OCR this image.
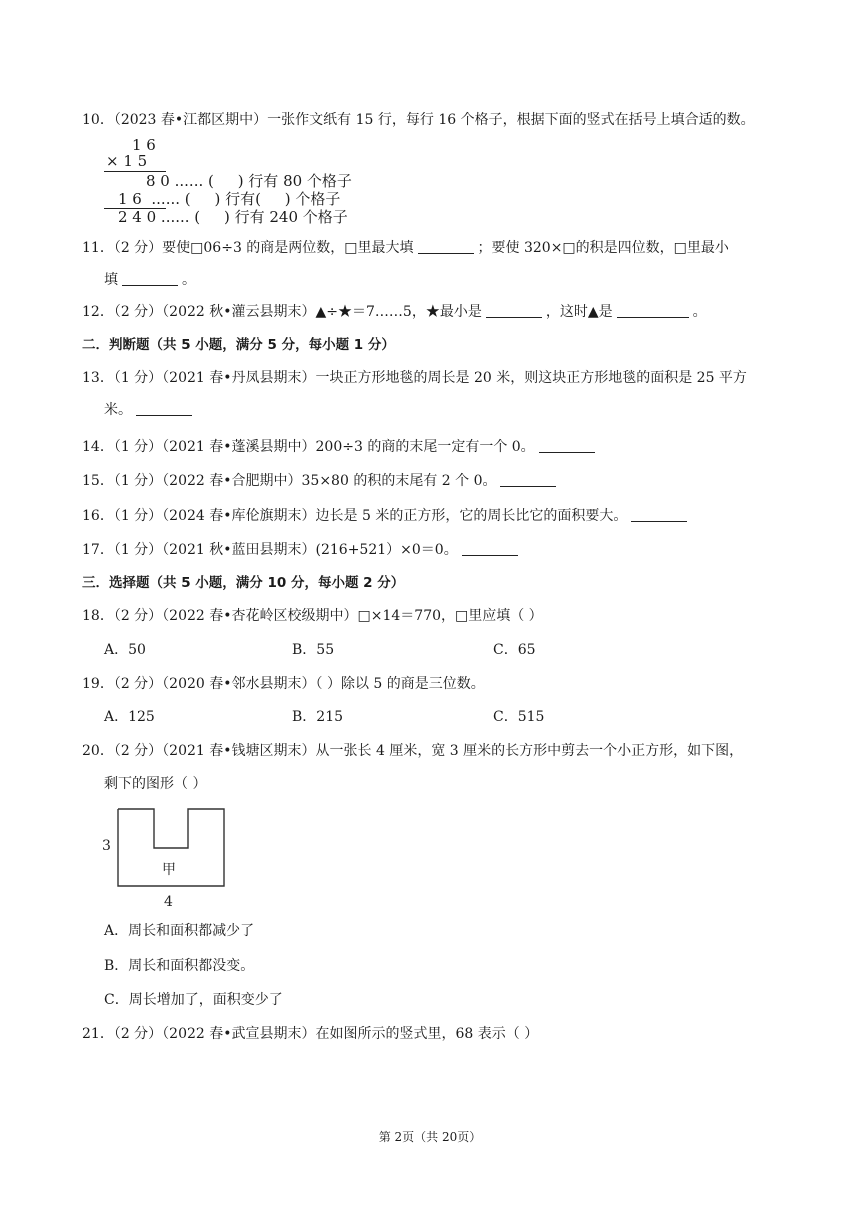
10．（2023 春•江都区期中）一张作文纸有 15 行，每行 16 个格子，根据下面的竖式在括号上填合适的数。
1 6
× 1 5
8 0 ...... (     ) 行有 80 个格子
1 6  ...... (     ) 行有(     ) 个格子
2 4 0 ...... (     ) 行有 240 个格子
11．（2 分）要使□06÷3 的商是两位数，□里最大填	；要使 320×□的积是四位数，□里最小
填	。
12．（2 分）（2022 秋•灌云县期末）▲÷★＝7……5，★最小是	，这时▲是	。
二．判断题（共 5 小题，满分 5 分，每小题 1 分）
13．（1 分）（2021 春•丹凤县期末）一块正方形地毯的周长是 20 米，则这块正方形地毯的面积是 25 平方
米。
14．（1 分）（2021 春•蓬溪县期中）200÷3 的商的末尾一定有一个 0。
15．（1 分）（2022 春•合肥期中）35×80 的积的末尾有 2 个 0。
16．（1 分）（2024 春•库伦旗期末）边长是 5 米的正方形，它的周长比它的面积要大。
17．（1 分）（2021 秋•蓝田县期末）(216+521）×0＝0。
三．选择题（共 5 小题，满分 10 分，每小题 2 分）
18．（2 分）（2022 春•杏花岭区校级期中）□×14＝770，□里应填（ ）
A．50	B．55	C．65
19．（2 分）（2020 春•邻水县期末）（ ）除以 5 的商是三位数。
A．125	B．215	C．515
20．（2 分）（2021 春•钱塘区期末）从一张长 4 厘米，宽 3 厘米的长方形中剪去一个小正方形，如下图，
剩下的图形（ ）
3
4
甲
A．周长和面积都减少了
B．周长和面积都没变。
C．周长增加了，面积变少了
21．（2 分）（2022 春•武宣县期末）在如图所示的竖式里，68 表示（ ）
第 2页（共 20页）
